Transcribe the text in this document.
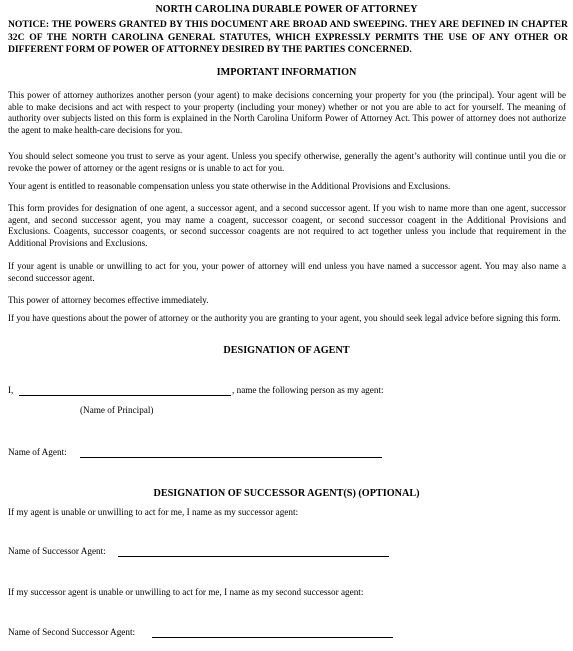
NORTH CAROLINA DURABLE POWER OF ATTORNEY
NOTICE: THE POWERS GRANTED BY THIS DOCUMENT ARE BROAD AND SWEEPING. THEY ARE DEFINED IN CHAPTER 32C OF THE NORTH CAROLINA GENERAL STATUTES, WHICH EXPRESSLY PERMITS THE USE OF ANY OTHER OR DIFFERENT FORM OF POWER OF ATTORNEY DESIRED BY THE PARTIES CONCERNED.
IMPORTANT INFORMATION
This power of attorney authorizes another person (your agent) to make decisions concerning your property for you (the principal). Your agent will be able to make decisions and act with respect to your property (including your money) whether or not you are able to act for yourself. The meaning of authority over subjects listed on this form is explained in the North Carolina Uniform Power of Attorney Act. This power of attorney does not authorize the agent to make health-care decisions for you.
You should select someone you trust to serve as your agent. Unless you specify otherwise, generally the agent’s authority will continue until you die or revoke the power of attorney or the agent resigns or is unable to act for you.
Your agent is entitled to reasonable compensation unless you state otherwise in the Additional Provisions and Exclusions.
This form provides for designation of one agent, a successor agent, and a second successor agent. If you wish to name more than one agent, successor agent, and second successor agent, you may name a coagent, successor coagent, or second successor coagent in the Additional Provisions and Exclusions. Coagents, successor coagents, or second successor coagents are not required to act together unless you include that requirement in the Additional Provisions and Exclusions.
If your agent is unable or unwilling to act for you, your power of attorney will end unless you have named a successor agent. You may also name a second successor agent.
This power of attorney becomes effective immediately.
If you have questions about the power of attorney or the authority you are granting to your agent, you should seek legal advice before signing this form.
DESIGNATION OF AGENT
I,	, name the following person as my agent:
(Name of Principal)
Name of Agent:
DESIGNATION OF SUCCESSOR AGENT(S) (OPTIONAL)
If my agent is unable or unwilling to act for me, I name as my successor agent:
Name of Successor Agent:
If my successor agent is unable or unwilling to act for me, I name as my second successor agent:
Name of Second Successor Agent:
